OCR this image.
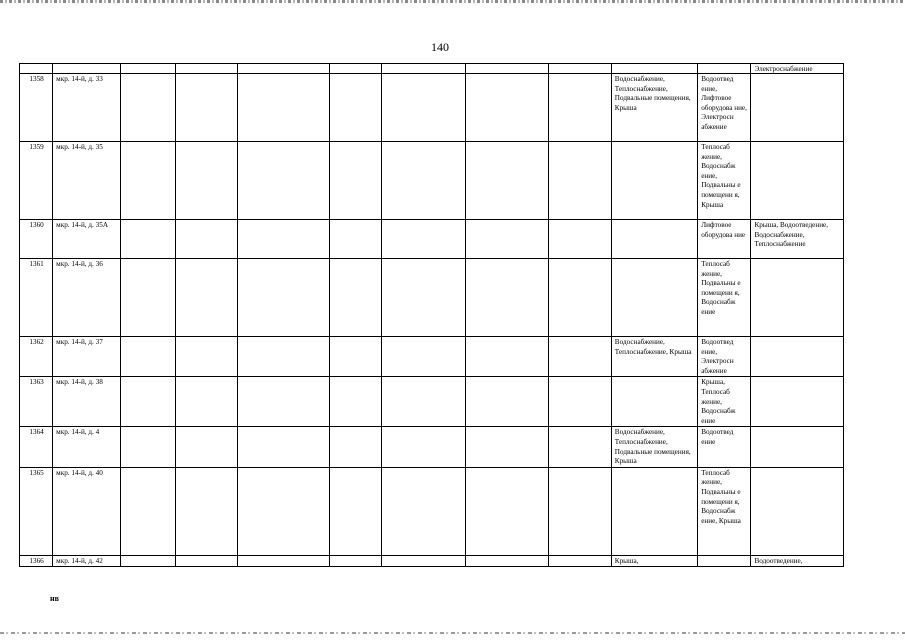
140
											Электроснабжение
1358	мкр. 14-й, д. 33								Водоснабжение, Теплоснабжение, Подвальные помещения, Крыша	Водоотвед ение, Лифтовое оборудова ние, Электросн абжение	
1359	мкр. 14-й, д. 35									Теплосаб жение, Водоснабж ение, Подвальны е помещени я, Крыша	
1360	мкр. 14-й, д. 35А									Лифтовое оборудова ние	Крыша, Водоотведение, Водоснабжение, Теплоснабжение
1361	мкр. 14-й, д. 36									Теплосаб жение, Подвальны е помещени я, Водоснабж ение	
1362	мкр. 14-й, д. 37								Водоснабжение, Теплоснабжение, Крыша	Водоотвед ение, Электросн абжение	
1363	мкр. 14-й, д. 38									Крыша, Теплосаб жение, Водоснабж ение	
1364	мкр. 14-й, д. 4								Водоснабжение, Теплоснабжение, Подвальные помещения, Крыша	Водоотвед ение	
1365	мкр. 14-й, д. 40									Теплосаб жение, Подвальны е помещени я, Водоснабж ение, Крыша	
1366	мкр. 14-й, д. 42								Крыша,		Водоотведение,
нв
